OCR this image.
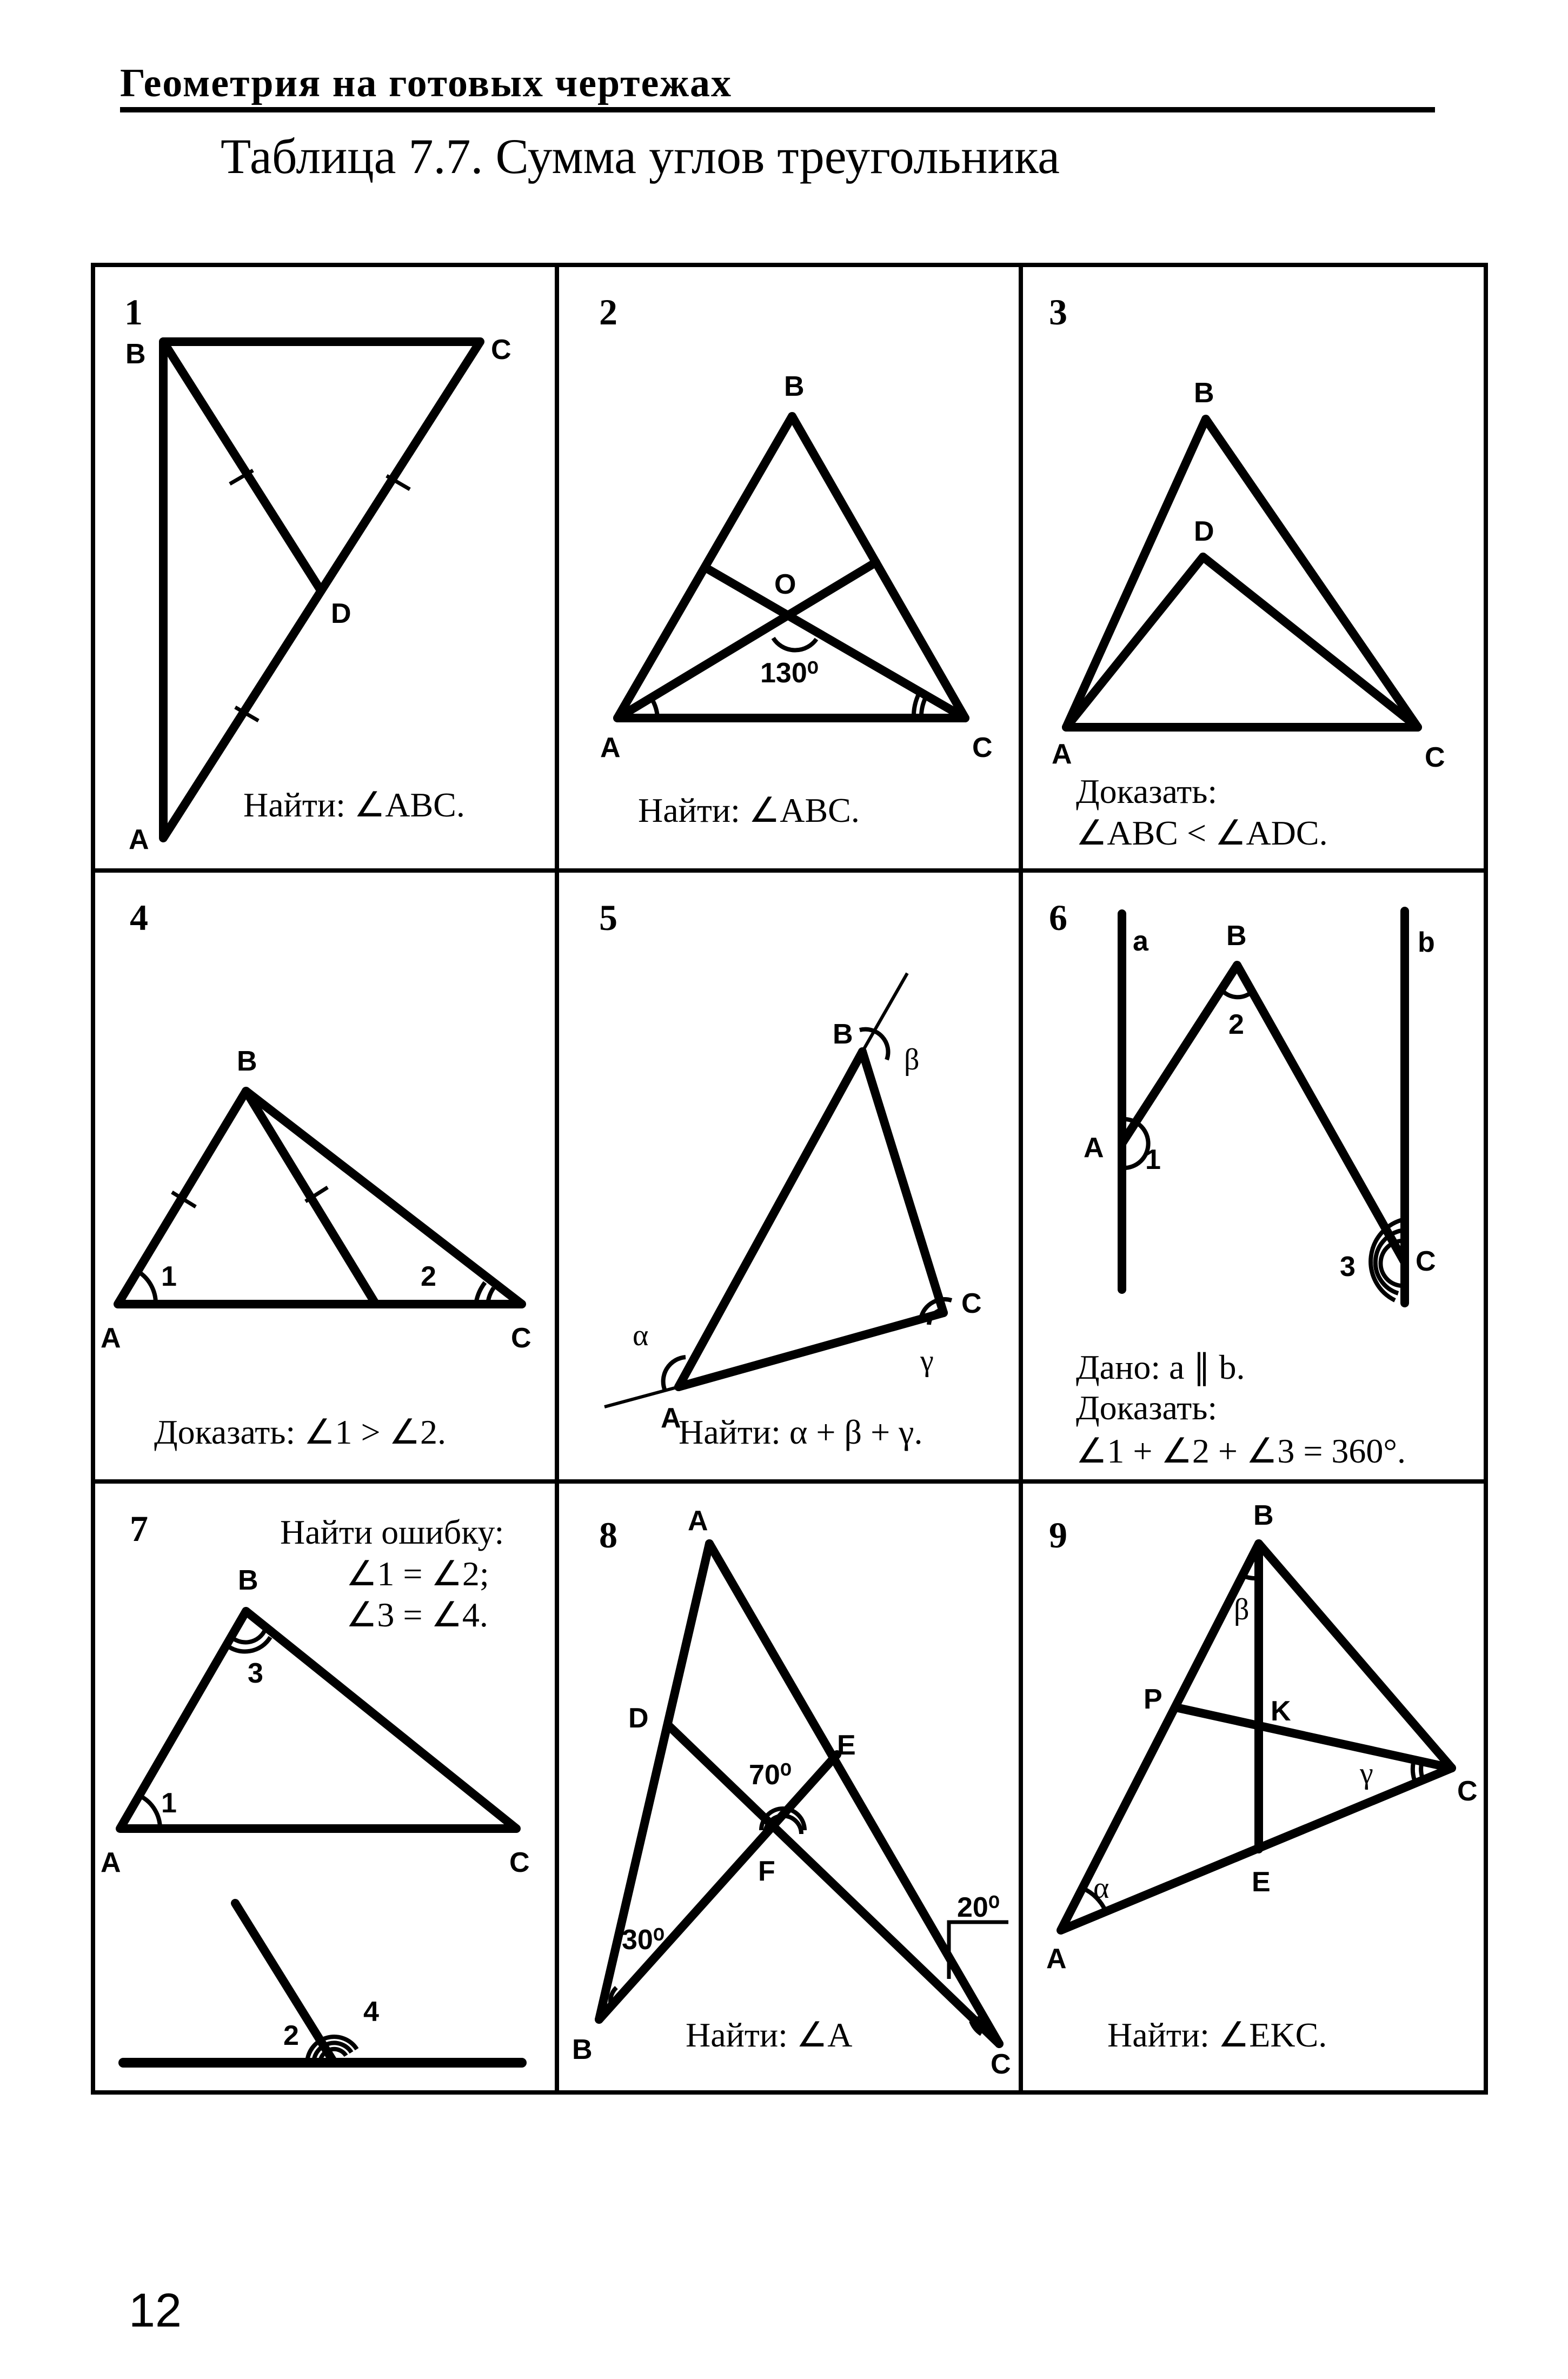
Геометрия на готовых чертежах
Таблица 7.7. Сумма углов треугольника
1
B	C
D
A
Найти: ∠ABC.
2
B
O
A	C
130⁰
Найти: ∠ABC.
3
B
D
A	C
Доказать:
∠ABC < ∠ADC.
4
B
A	C
1	2
Доказать: ∠1 > ∠2.
5
B
C
A
α
β
γ
Найти: α + β + γ.
6
a	B	b
A
C
1
2
3
Дано: a ∥ b.
Доказать:
∠1 + ∠2 + ∠3 = 360°.
7
B
A	C
1
3
2
4
Найти ошибку:
∠1 = ∠2;
∠3 = ∠4.
8	A
D
E
F
B	C
70⁰
30⁰
20⁰
Найти: ∠A
9	B
P	K
C
E
A
β
γ
α
Найти: ∠EKC.
12
